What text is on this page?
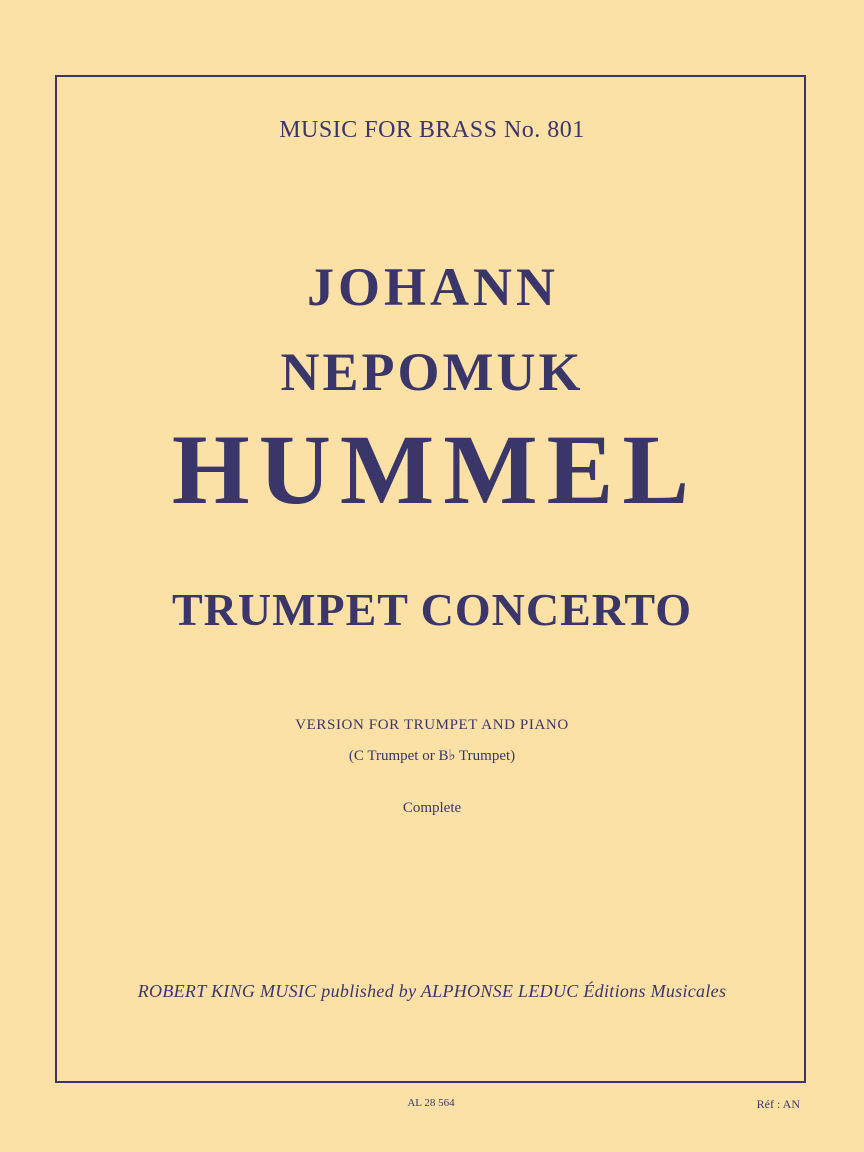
MUSIC FOR BRASS No. 801
JOHANN
NEPOMUK
HUMMEL
TRUMPET CONCERTO
VERSION FOR TRUMPET AND PIANO
(C Trumpet or B♭ Trumpet)
Complete
ROBERT KING MUSIC published by ALPHONSE LEDUC Éditions Musicales
AL 28 564	Réf : AN
